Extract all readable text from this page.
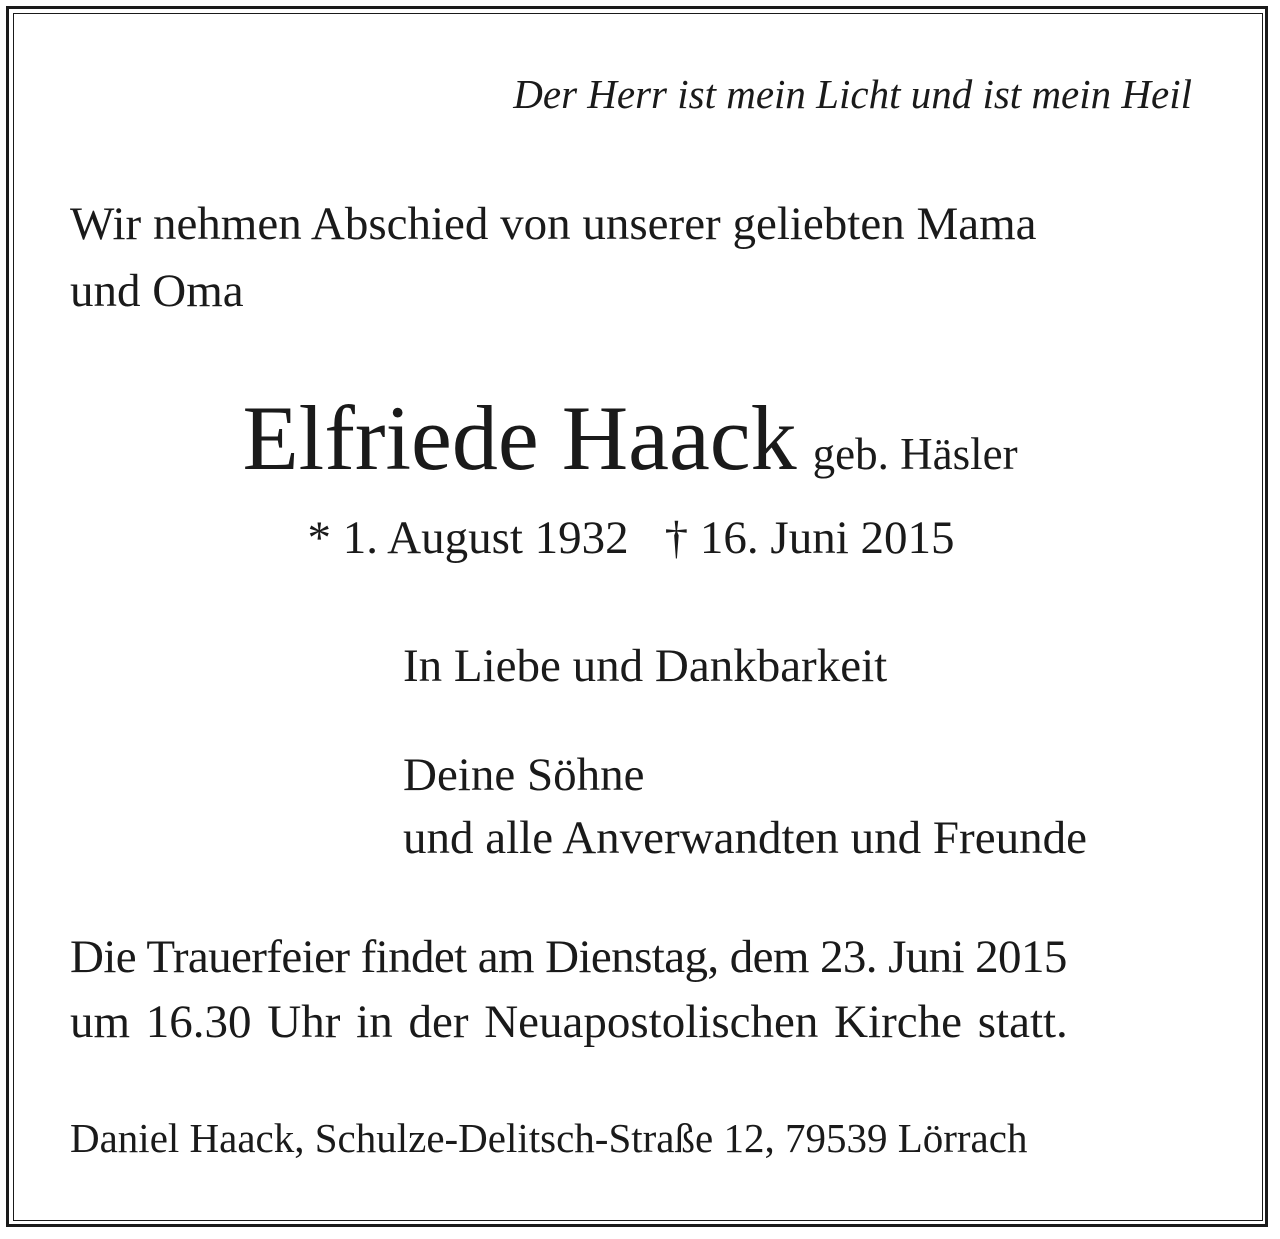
Der Herr ist mein Licht und ist mein Heil
Wir nehmen Abschied von unserer geliebten Mama
und Oma
Elfriede Haack geb. Häsler
* 1. August 1932 † 16. Juni 2015
In Liebe und Dankbarkeit
Deine Söhne
und alle Anverwandten und Freunde
Die Trauerfeier findet am Dienstag, dem 23. Juni 2015
um 16.30 Uhr in der Neuapostolischen Kirche statt.
Daniel Haack, Schulze-Delitsch-Straße 12, 79539 Lörrach
